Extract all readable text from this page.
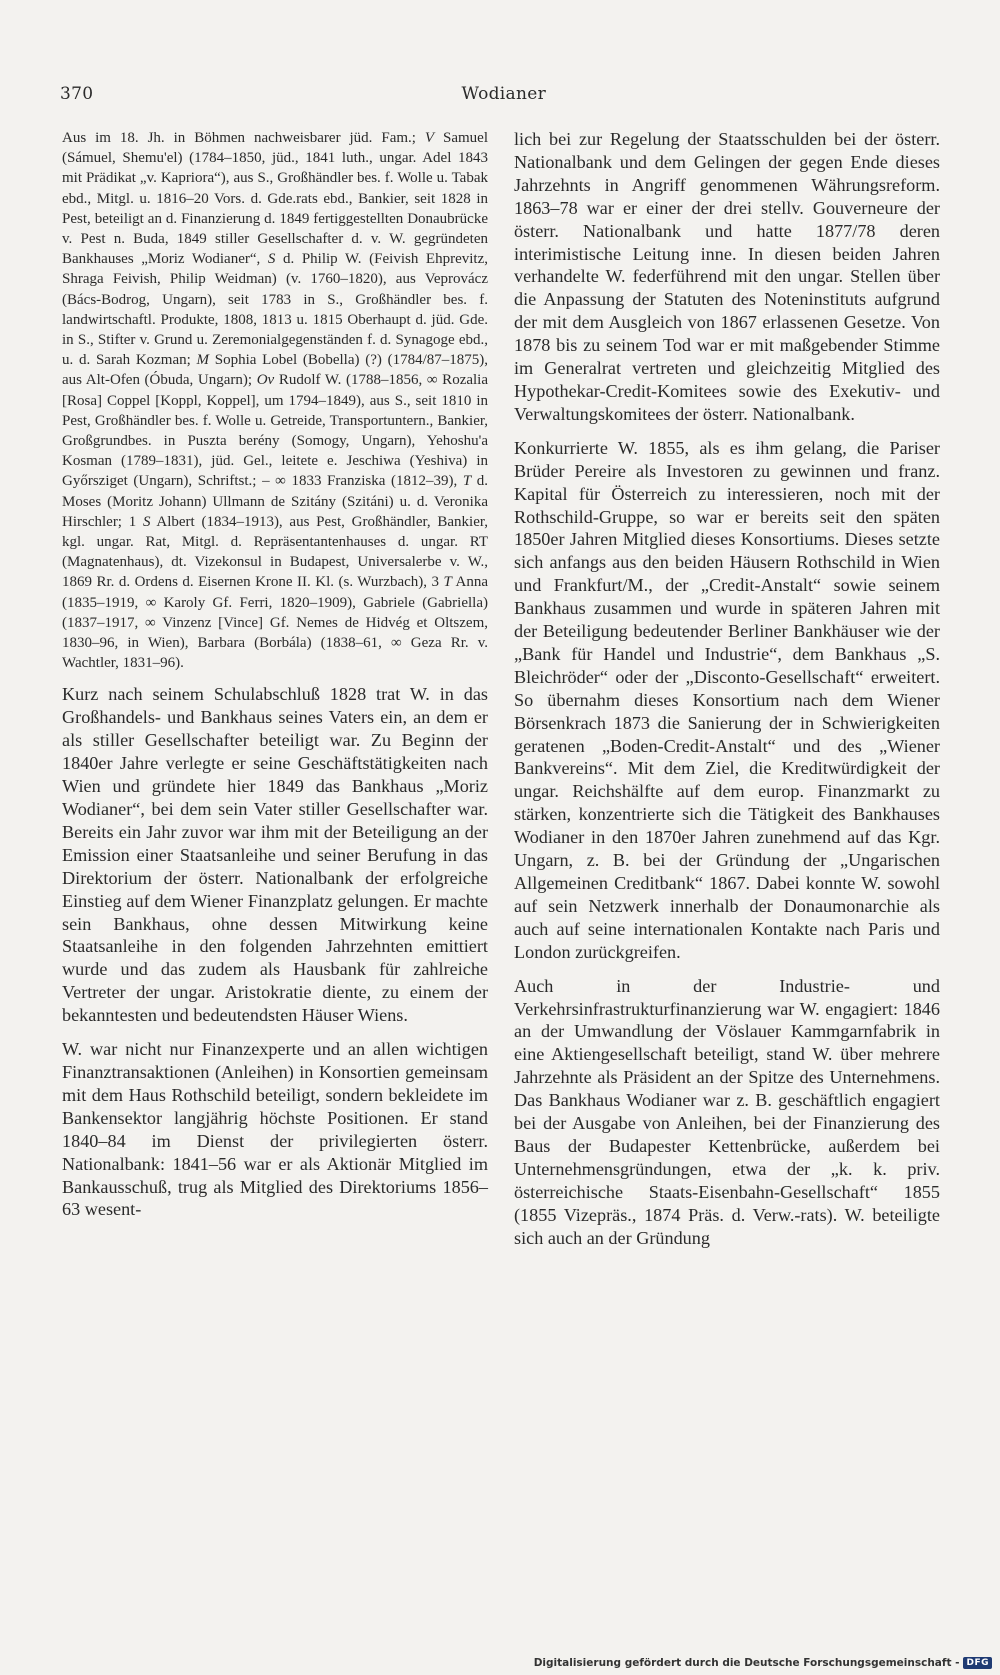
370	Wodianer

Aus im 18. Jh. in Böhmen nachweisbarer jüd. Fam.; V Samuel (Sámuel, Shemu'el) (1784–1850, jüd., 1841 luth., ungar. Adel 1843 mit Prädikat „v. Kapriora“), aus S., Großhändler bes. f. Wolle u. Tabak ebd., Mitgl. u. 1816–20 Vors. d. Gde.rats ebd., Bankier, seit 1828 in Pest, beteiligt an d. Finanzierung d. 1849 fertiggestellten Donaubrücke v. Pest n. Buda, 1849 stiller Gesellschafter d. v. W. gegründeten Bankhauses „Moriz Wodianer“, S d. Philip W. (Feivish Ehprevitz, Shraga Feivish, Philip Weidman) (v. 1760–1820), aus Veprovácz (Bács-Bodrog, Ungarn), seit 1783 in S., Großhändler bes. f. landwirtschaftl. Produkte, 1808, 1813 u. 1815 Oberhaupt d. jüd. Gde. in S., Stifter v. Grund u. Zeremonialgegenständen f. d. Synagoge ebd., u. d. Sarah Kozman; M Sophia Lobel (Bobella) (?) (1784/87–1875), aus Alt-Ofen (Óbuda, Ungarn); Ov Rudolf W. (1788–1856, ∞ Rozalia [Rosa] Coppel [Koppl, Koppel], um 1794–1849), aus S., seit 1810 in Pest, Großhändler bes. f. Wolle u. Getreide, Transportuntern., Bankier, Großgrundbes. in Puszta berény (Somogy, Ungarn), Yehoshu'a Kosman (1789–1831), jüd. Gel., leitete e. Jeschiwa (Yeshiva) in Győrsziget (Ungarn), Schriftst.; – ∞ 1833 Franziska (1812–39), T d. Moses (Moritz Johann) Ullmann de Szitány (Szitáni) u. d. Veronika Hirschler; 1 S Albert (1834–1913), aus Pest, Großhändler, Bankier, kgl. ungar. Rat, Mitgl. d. Repräsentantenhauses d. ungar. RT (Magnatenhaus), dt. Vizekonsul in Budapest, Universalerbe v. W., 1869 Rr. d. Ordens d. Eisernen Krone II. Kl. (s. Wurzbach), 3 T Anna (1835–1919, ∞ Karoly Gf. Ferri, 1820–1909), Gabriele (Gabriella) (1837–1917, ∞ Vinzenz [Vince] Gf. Nemes de Hidvég et Oltszem, 1830–96, in Wien), Barbara (Borbála) (1838–61, ∞ Geza Rr. v. Wachtler, 1831–96).

Kurz nach seinem Schulabschluß 1828 trat W. in das Großhandels- und Bankhaus seines Vaters ein, an dem er als stiller Gesellschafter beteiligt war. Zu Beginn der 1840er Jahre verlegte er seine Geschäftstätigkeiten nach Wien und gründete hier 1849 das Bankhaus „Moriz Wodianer“, bei dem sein Vater stiller Gesellschafter war. Bereits ein Jahr zuvor war ihm mit der Beteiligung an der Emission einer Staatsanleihe und seiner Berufung in das Direktorium der österr. Nationalbank der erfolgreiche Einstieg auf dem Wiener Finanzplatz gelungen. Er machte sein Bankhaus, ohne dessen Mitwirkung keine Staatsanleihe in den folgenden Jahrzehnten emittiert wurde und das zudem als Hausbank für zahlreiche Vertreter der ungar. Aristokratie diente, zu einem der bekanntesten und bedeutendsten Häuser Wiens.

W. war nicht nur Finanzexperte und an allen wichtigen Finanztransaktionen (Anleihen) in Konsortien gemeinsam mit dem Haus Rothschild beteiligt, sondern bekleidete im Bankensektor langjährig höchste Positionen. Er stand 1840–84 im Dienst der privilegierten österr. Nationalbank: 1841–56 war er als Aktionär Mitglied im Bankausschuß, trug als Mitglied des Direktoriums 1856–63 wesent-

lich bei zur Regelung der Staatsschulden bei der österr. Nationalbank und dem Gelingen der gegen Ende dieses Jahrzehnts in Angriff genommenen Währungsreform. 1863–78 war er einer der drei stellv. Gouverneure der österr. Nationalbank und hatte 1877/78 deren interimistische Leitung inne. In diesen beiden Jahren verhandelte W. federführend mit den ungar. Stellen über die Anpassung der Statuten des Noteninstituts aufgrund der mit dem Ausgleich von 1867 erlassenen Gesetze. Von 1878 bis zu seinem Tod war er mit maßgebender Stimme im Generalrat vertreten und gleichzeitig Mitglied des Hypothekar-Credit-Komitees sowie des Exekutiv- und Verwaltungskomitees der österr. Nationalbank.

Konkurrierte W. 1855, als es ihm gelang, die Pariser Brüder Pereire als Investoren zu gewinnen und franz. Kapital für Österreich zu interessieren, noch mit der Rothschild-Gruppe, so war er bereits seit den späten 1850er Jahren Mitglied dieses Konsortiums. Dieses setzte sich anfangs aus den beiden Häusern Rothschild in Wien und Frankfurt/M., der „Credit-Anstalt“ sowie seinem Bankhaus zusammen und wurde in späteren Jahren mit der Beteiligung bedeutender Berliner Bankhäuser wie der „Bank für Handel und Industrie“, dem Bankhaus „S. Bleichröder“ oder der „Disconto-Gesellschaft“ erweitert. So übernahm dieses Konsortium nach dem Wiener Börsenkrach 1873 die Sanierung der in Schwierigkeiten geratenen „Boden-Credit-Anstalt“ und des „Wiener Bankvereins“. Mit dem Ziel, die Kreditwürdigkeit der ungar. Reichshälfte auf dem europ. Finanzmarkt zu stärken, konzentrierte sich die Tätigkeit des Bankhauses Wodianer in den 1870er Jahren zunehmend auf das Kgr. Ungarn, z. B. bei der Gründung der „Ungarischen Allgemeinen Creditbank“ 1867. Dabei konnte W. sowohl auf sein Netzwerk innerhalb der Donaumonarchie als auch auf seine internationalen Kontakte nach Paris und London zurückgreifen.

Auch in der Industrie- und Verkehrsinfrastrukturfinanzierung war W. engagiert: 1846 an der Umwandlung der Vöslauer Kammgarnfabrik in eine Aktiengesellschaft beteiligt, stand W. über mehrere Jahrzehnte als Präsident an der Spitze des Unternehmens. Das Bankhaus Wodianer war z. B. geschäftlich engagiert bei der Ausgabe von Anleihen, bei der Finanzierung des Baus der Budapester Kettenbrücke, außerdem bei Unternehmensgründungen, etwa der „k. k. priv. österreichische Staats-Eisenbahn-Gesellschaft“ 1855 (1855 Vizepräs., 1874 Präs. d. Verw.-rats). W. beteiligte sich auch an der Gründung

Digitalisierung gefördert durch die Deutsche Forschungsgemeinschaft - DFG
